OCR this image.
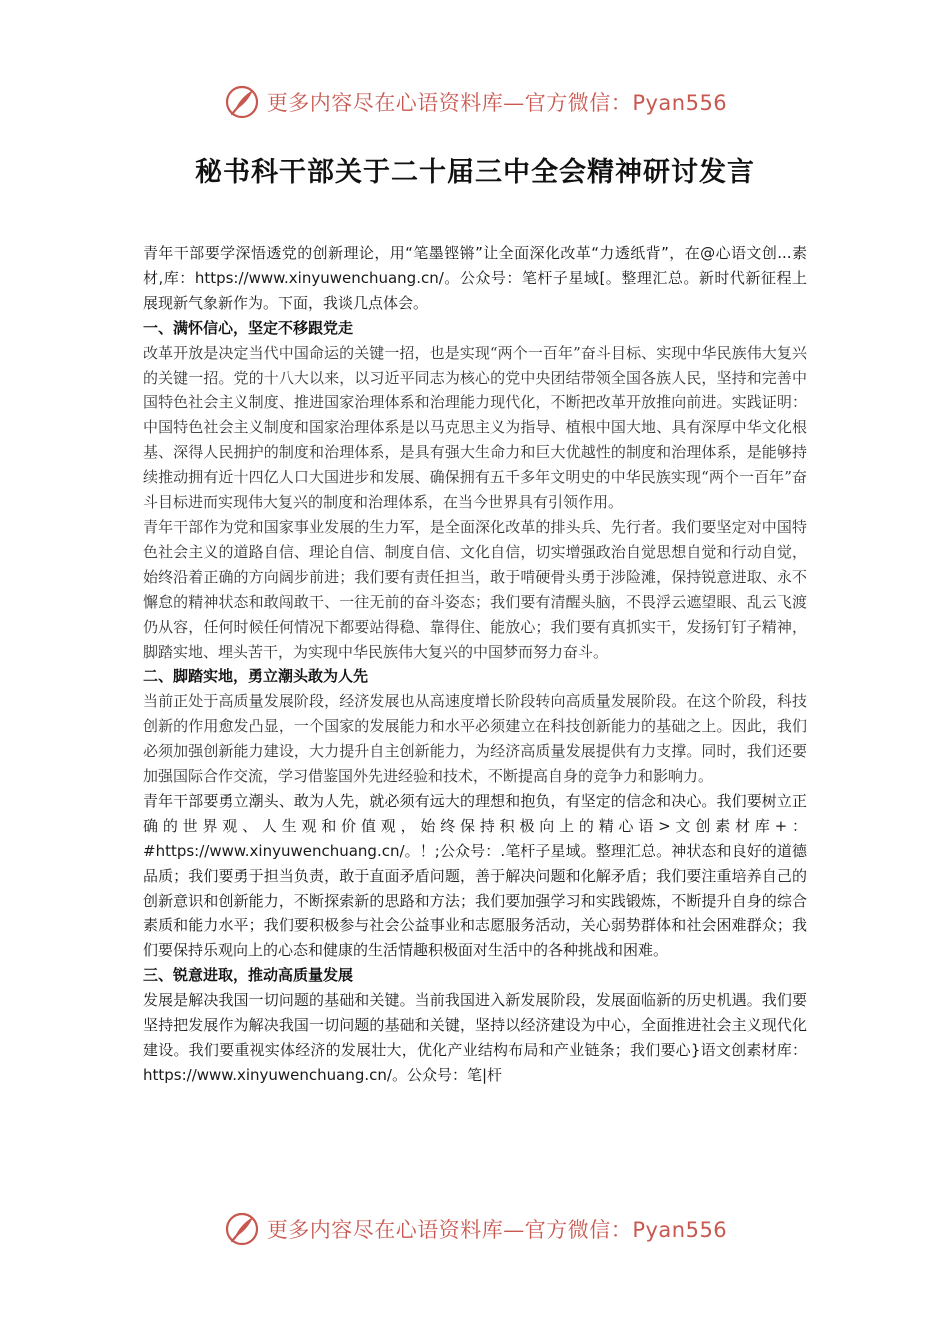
更多内容尽在心语资料库—官方微信：Pyan556
秘书科干部关于二十届三中全会精神研讨发言

青年干部要学深悟透党的创新理论，用“笔墨铿锵”让全面深化改革“力透纸背”，在@心语文创...素材,库：https://www.xinyuwenchuang.cn/。公众号：笔杆子星域[。整理汇总。新时代新征程上展现新气象新作为。下面，我谈几点体会。

一、满怀信心，坚定不移跟党走

改革开放是决定当代中国命运的关键一招，也是实现“两个一百年”奋斗目标、实现中华民族伟大复兴的关键一招。党的十八大以来，以习近平同志为核心的党中央团结带领全国各族人民，坚持和完善中国特色社会主义制度、推进国家治理体系和治理能力现代化，不断把改革开放推向前进。实践证明：中国特色社会主义制度和国家治理体系是以马克思主义为指导、植根中国大地、具有深厚中华文化根基、深得人民拥护的制度和治理体系，是具有强大生命力和巨大优越性的制度和治理体系，是能够持续推动拥有近十四亿人口大国进步和发展、确保拥有五千多年文明史的中华民族实现“两个一百年”奋斗目标进而实现伟大复兴的制度和治理体系，在当今世界具有引领作用。

青年干部作为党和国家事业发展的生力军，是全面深化改革的排头兵、先行者。我们要坚定对中国特色社会主义的道路自信、理论自信、制度自信、文化自信，切实增强政治自觉思想自觉和行动自觉，始终沿着正确的方向阔步前进；我们要有责任担当，敢于啃硬骨头勇于涉险滩，保持锐意进取、永不懈怠的精神状态和敢闯敢干、一往无前的奋斗姿态；我们要有清醒头脑，不畏浮云遮望眼、乱云飞渡仍从容，任何时候任何情况下都要站得稳、靠得住、能放心；我们要有真抓实干，发扬钉钉子精神，脚踏实地、埋头苦干，为实现中华民族伟大复兴的中国梦而努力奋斗。

二、脚踏实地，勇立潮头敢为人先

当前正处于高质量发展阶段，经济发展也从高速度增长阶段转向高质量发展阶段。在这个阶段，科技创新的作用愈发凸显，一个国家的发展能力和水平必须建立在科技创新能力的基础之上。因此，我们必须加强创新能力建设，大力提升自主创新能力，为经济高质量发展提供有力支撑。同时，我们还要加强国际合作交流，学习借鉴国外先进经验和技术，不断提高自身的竞争力和影响力。

青年干部要勇立潮头、敢为人先，就必须有远大的理想和抱负，有坚定的信念和决心。我们要树立正确的世界观、人生观和价值观，始终保持积极向上的精心语>文创素材库+：#https://www.xinyuwenchuang.cn/。！;公众号：.笔杆子星域。整理汇总。神状态和良好的道德品质；我们要勇于担当负责，敢于直面矛盾问题，善于解决问题和化解矛盾；我们要注重培养自己的创新意识和创新能力，不断探索新的思路和方法；我们要加强学习和实践锻炼，不断提升自身的综合素质和能力水平；我们要积极参与社会公益事业和志愿服务活动，关心弱势群体和社会困难群众；我们要保持乐观向上的心态和健康的生活情趣积极面对生活中的各种挑战和困难。

三、锐意进取，推动高质量发展

发展是解决我国一切问题的基础和关键。当前我国进入新发展阶段，发展面临新的历史机遇。我们要坚持把发展作为解决我国一切问题的基础和关键，坚持以经济建设为中心，全面推进社会主义现代化建设。我们要重视实体经济的发展壮大，优化产业结构布局和产业链条；我们要心}语文创素材库：https://www.xinyuwenchuang.cn/。公众号：笔|杆

更多内容尽在心语资料库—官方微信：Pyan556
